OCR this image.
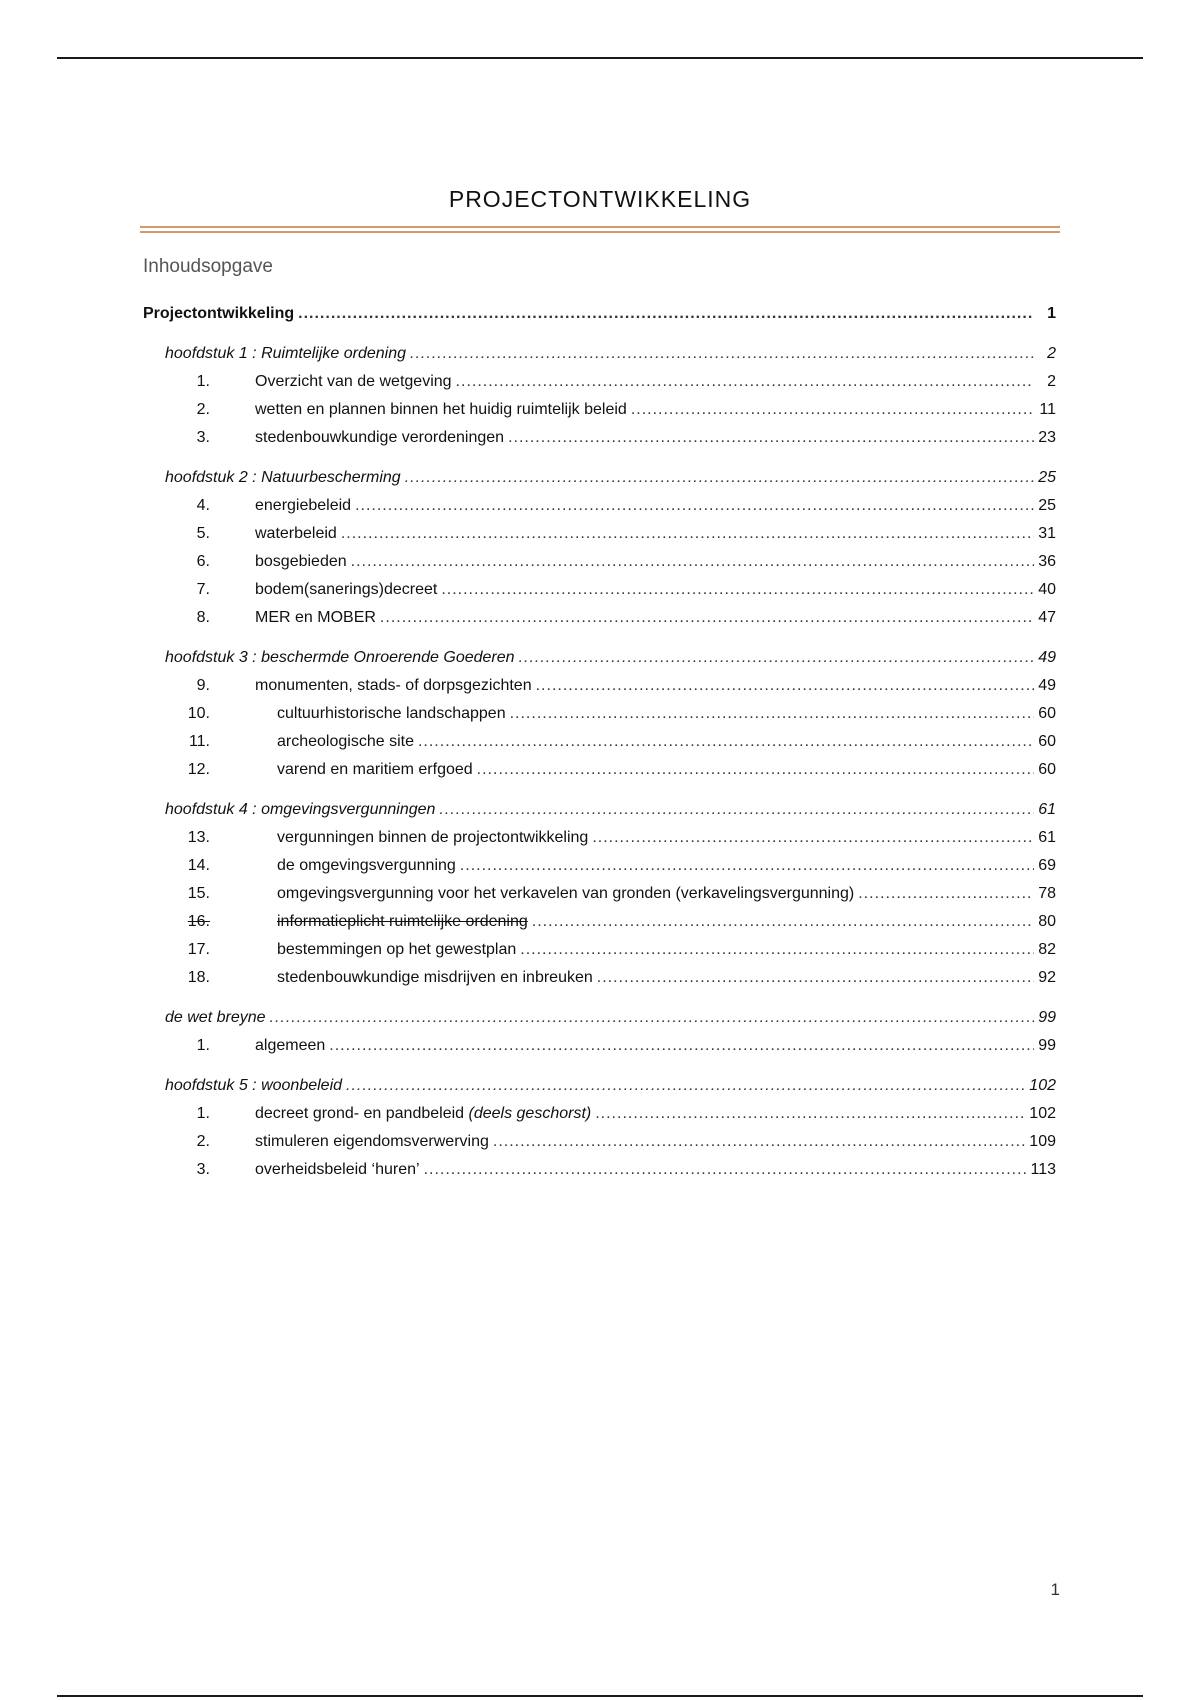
PROJECTONTWIKKELING
Inhoudsopgave
Projectontwikkeling .....	1
hoofdstuk 1 : Ruimtelijke ordening .....	2
1.	Overzicht van de wetgeving .....	2
2.	wetten en plannen binnen het huidig ruimtelijk beleid .....	11
3.	stedenbouwkundige verordeningen .....	23
hoofdstuk 2 : Natuurbescherming .....	25
4.	energiebeleid .....	25
5.	waterbeleid .....	31
6.	bosgebieden .....	36
7.	bodem(sanerings)decreet .....	40
8.	MER en MOBER .....	47
hoofdstuk 3 : beschermde Onroerende Goederen .....	49
9.	monumenten, stads- of dorpsgezichten .....	49
10.	cultuurhistorische landschappen .....	60
11.	archeologische site .....	60
12.	varend en maritiem erfgoed .....	60
hoofdstuk 4 : omgevingsvergunningen .....	61
13.	vergunningen binnen de projectontwikkeling .....	61
14.	de omgevingsvergunning .....	69
15.	omgevingsvergunning voor het verkavelen van gronden (verkavelingsvergunning) .....	78
16.	informatieplicht ruimtelijke ordening .....	80
17.	bestemmingen op het gewestplan .....	82
18.	stedenbouwkundige misdrijven en inbreuken .....	92
de wet breyne .....	99
1.	algemeen .....	99
hoofdstuk 5 : woonbeleid .....	102
1.	decreet grond- en pandbeleid (deels geschorst) .....	102
2.	stimuleren eigendomsverwerving .....	109
3.	overheidsbeleid ‘huren’ .....	113
1
